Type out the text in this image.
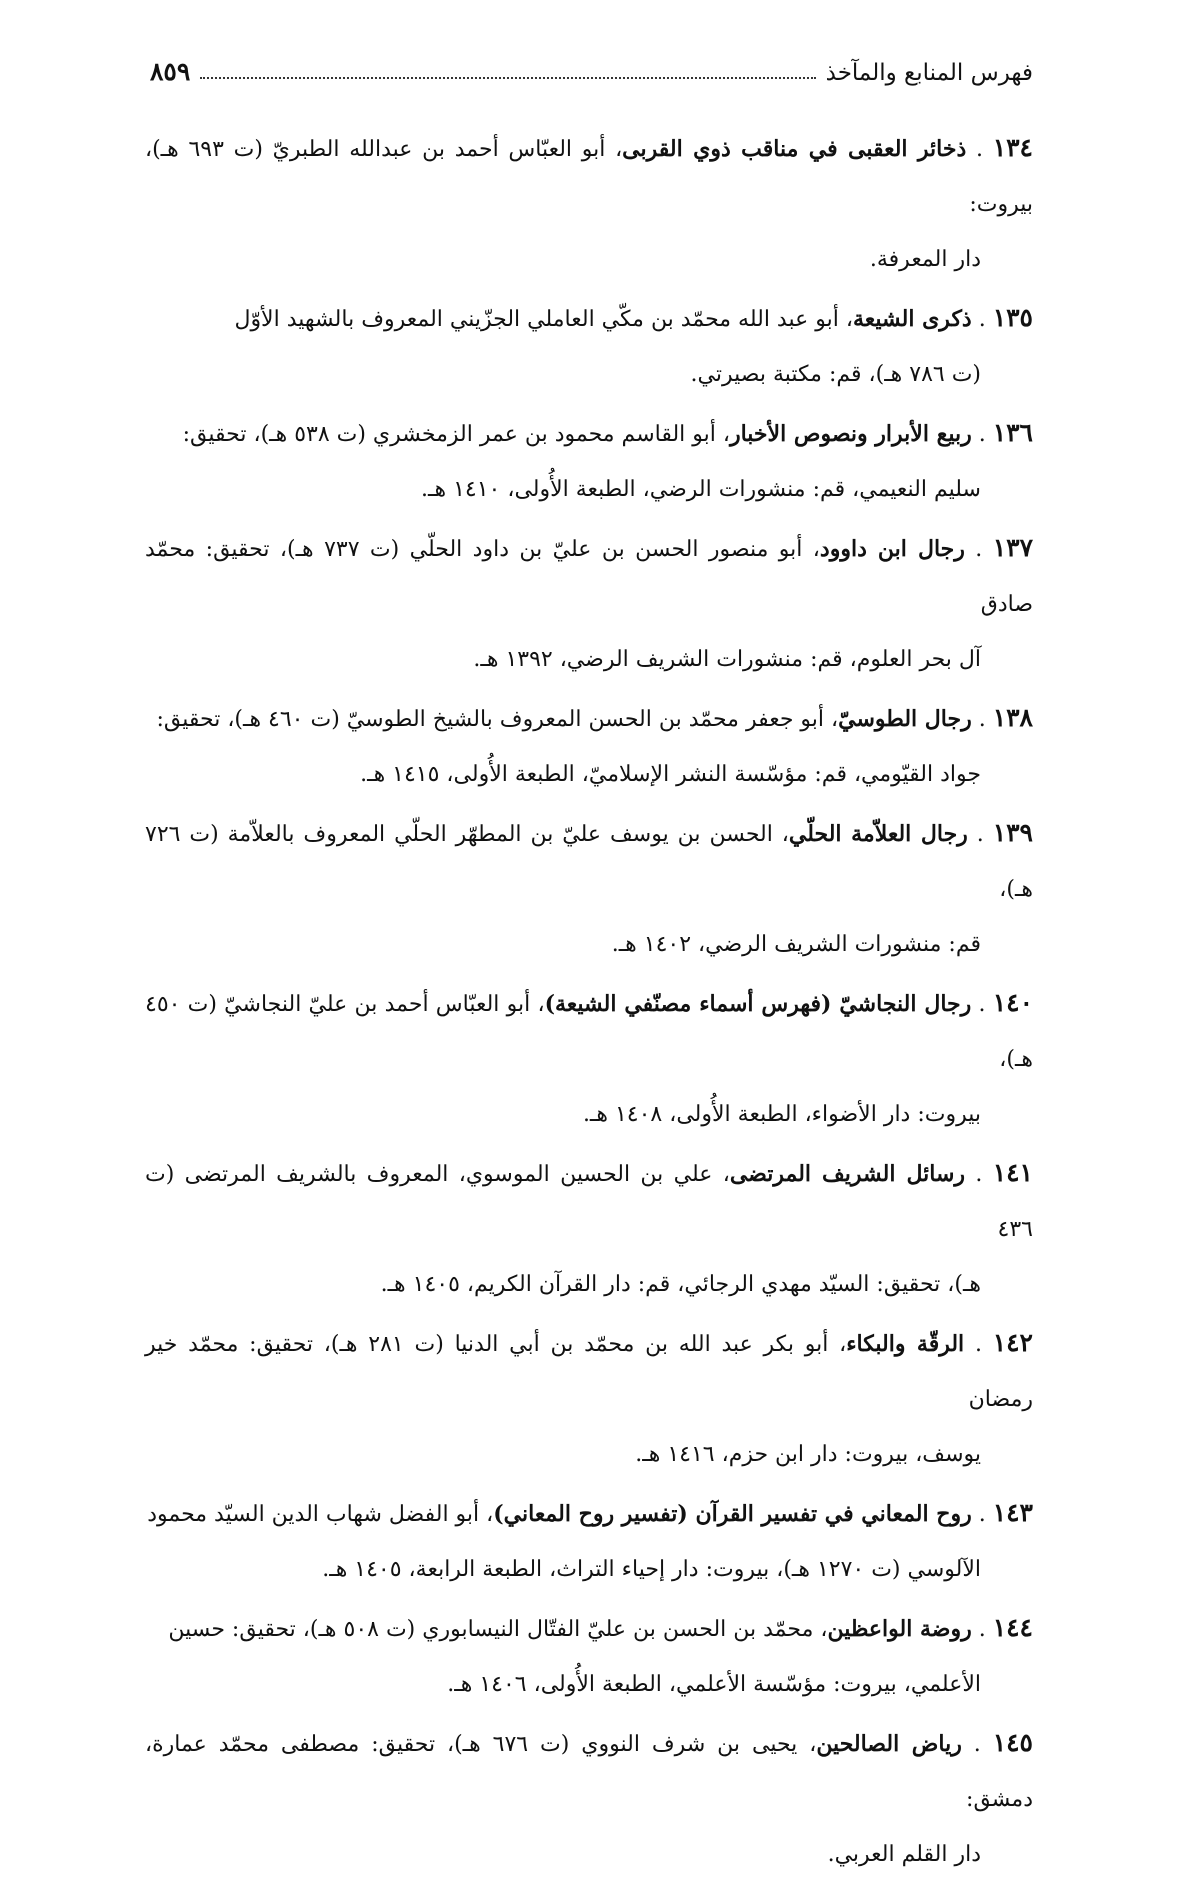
فهرس المنابع والمآخذ
٨٥٩
١٣٤ . ذخائر العقبى في مناقب ذوي القربى، أبو العبّاس أحمد بن عبدالله الطبريّ (ت ٦٩٣ هـ)، بيروت:
دار المعرفة.
١٣٥ . ذكرى الشيعة، أبو عبد الله محمّد بن مكّي العاملي الجزّيني المعروف بالشهيد الأوّل
(ت ٧٨٦ هـ)، قم: مكتبة بصيرتي.
١٣٦ . ربيع الأبرار ونصوص الأخبار، أبو القاسم محمود بن عمر الزمخشري (ت ٥٣٨ هـ)، تحقيق:
سليم النعيمي، قم: منشورات الرضي، الطبعة الأُولى، ١٤١٠ هـ.
١٣٧ . رجال ابن داوود، أبو منصور الحسن بن عليّ بن داود الحلّي (ت ٧٣٧ هـ)، تحقيق: محمّد صادق
آل بحر العلوم، قم: منشورات الشريف الرضي، ١٣٩٢ هـ.
١٣٨ . رجال الطوسيّ، أبو جعفر محمّد بن الحسن المعروف بالشيخ الطوسيّ (ت ٤٦٠ هـ)، تحقيق:
جواد القيّومي، قم: مؤسّسة النشر الإسلاميّ، الطبعة الأُولى، ١٤١٥ هـ.
١٣٩ . رجال العلاّمة الحلّي، الحسن بن يوسف عليّ بن المطهّر الحلّي المعروف بالعلاّمة (ت ٧٢٦ هـ)،
قم: منشورات الشريف الرضي، ١٤٠٢ هـ.
١٤٠ . رجال النجاشيّ (فهرس أسماء مصنّفي الشيعة)، أبو العبّاس أحمد بن عليّ النجاشيّ (ت ٤٥٠ هـ)،
بيروت: دار الأضواء، الطبعة الأُولى، ١٤٠٨ هـ.
١٤١ . رسائل الشريف المرتضى، علي بن الحسين الموسوي، المعروف بالشريف المرتضى (ت ٤٣٦
هـ)، تحقيق: السيّد مهدي الرجائي، قم: دار القرآن الكريم، ١٤٠٥ هـ.
١٤٢ . الرقّة والبكاء، أبو بكر عبد الله بن محمّد بن أبي الدنيا (ت ٢٨١ هـ)، تحقيق: محمّد خير رمضان
يوسف، بيروت: دار ابن حزم، ١٤١٦ هـ.
١٤٣ . روح المعاني في تفسير القرآن (تفسير روح المعاني)، أبو الفضل شهاب الدين السيّد محمود
الآلوسي (ت ١٢٧٠ هـ)، بيروت: دار إحياء التراث، الطبعة الرابعة، ١٤٠٥ هـ.
١٤٤ . روضة الواعظين، محمّد بن الحسن بن عليّ الفتّال النيسابوري (ت ٥٠٨ هـ)، تحقيق: حسين
الأعلمي، بيروت: مؤسّسة الأعلمي، الطبعة الأُولى، ١٤٠٦ هـ.
١٤٥ . رياض الصالحين، يحيى بن شرف النووي (ت ٦٧٦ هـ)، تحقيق: مصطفى محمّد عمارة، دمشق:
دار القلم العربي.
